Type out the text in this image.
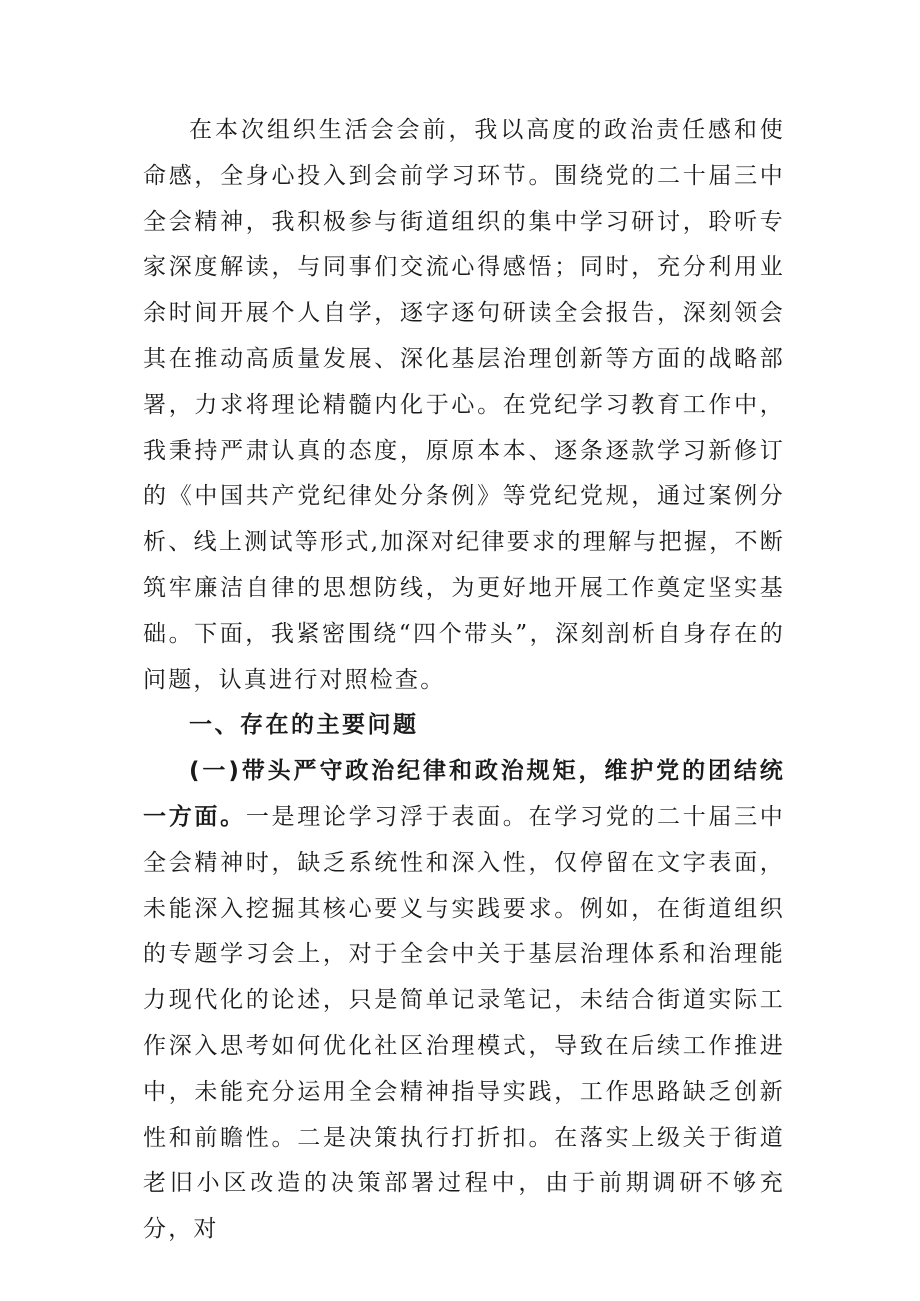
在本次组织生活会会前，我以高度的政治责任感和使命感，全身心投入到会前学习环节。围绕党的二十届三中全会精神，我积极参与街道组织的集中学习研讨，聆听专家深度解读，与同事们交流心得感悟；同时，充分利用业余时间开展个人自学，逐字逐句研读全会报告，深刻领会其在推动高质量发展、深化基层治理创新等方面的战略部署，力求将理论精髓内化于心。在党纪学习教育工作中，我秉持严肃认真的态度，原原本本、逐条逐款学习新修订的《中国共产党纪律处分条例》等党纪党规，通过案例分析、线上测试等形式,加深对纪律要求的理解与把握，不断筑牢廉洁自律的思想防线，为更好地开展工作奠定坚实基础。下面，我紧密围绕“四个带头”，深刻剖析自身存在的问题，认真进行对照检查。

一、存在的主要问题

(一)带头严守政治纪律和政治规矩，维护党的团结统一方面。一是理论学习浮于表面。在学习党的二十届三中全会精神时，缺乏系统性和深入性，仅停留在文字表面，未能深入挖掘其核心要义与实践要求。例如，在街道组织的专题学习会上，对于全会中关于基层治理体系和治理能力现代化的论述，只是简单记录笔记，未结合街道实际工作深入思考如何优化社区治理模式，导致在后续工作推进中，未能充分运用全会精神指导实践，工作思路缺乏创新性和前瞻性。二是决策执行打折扣。在落实上级关于街道老旧小区改造的决策部署过程中，由于前期调研不够充分，对
